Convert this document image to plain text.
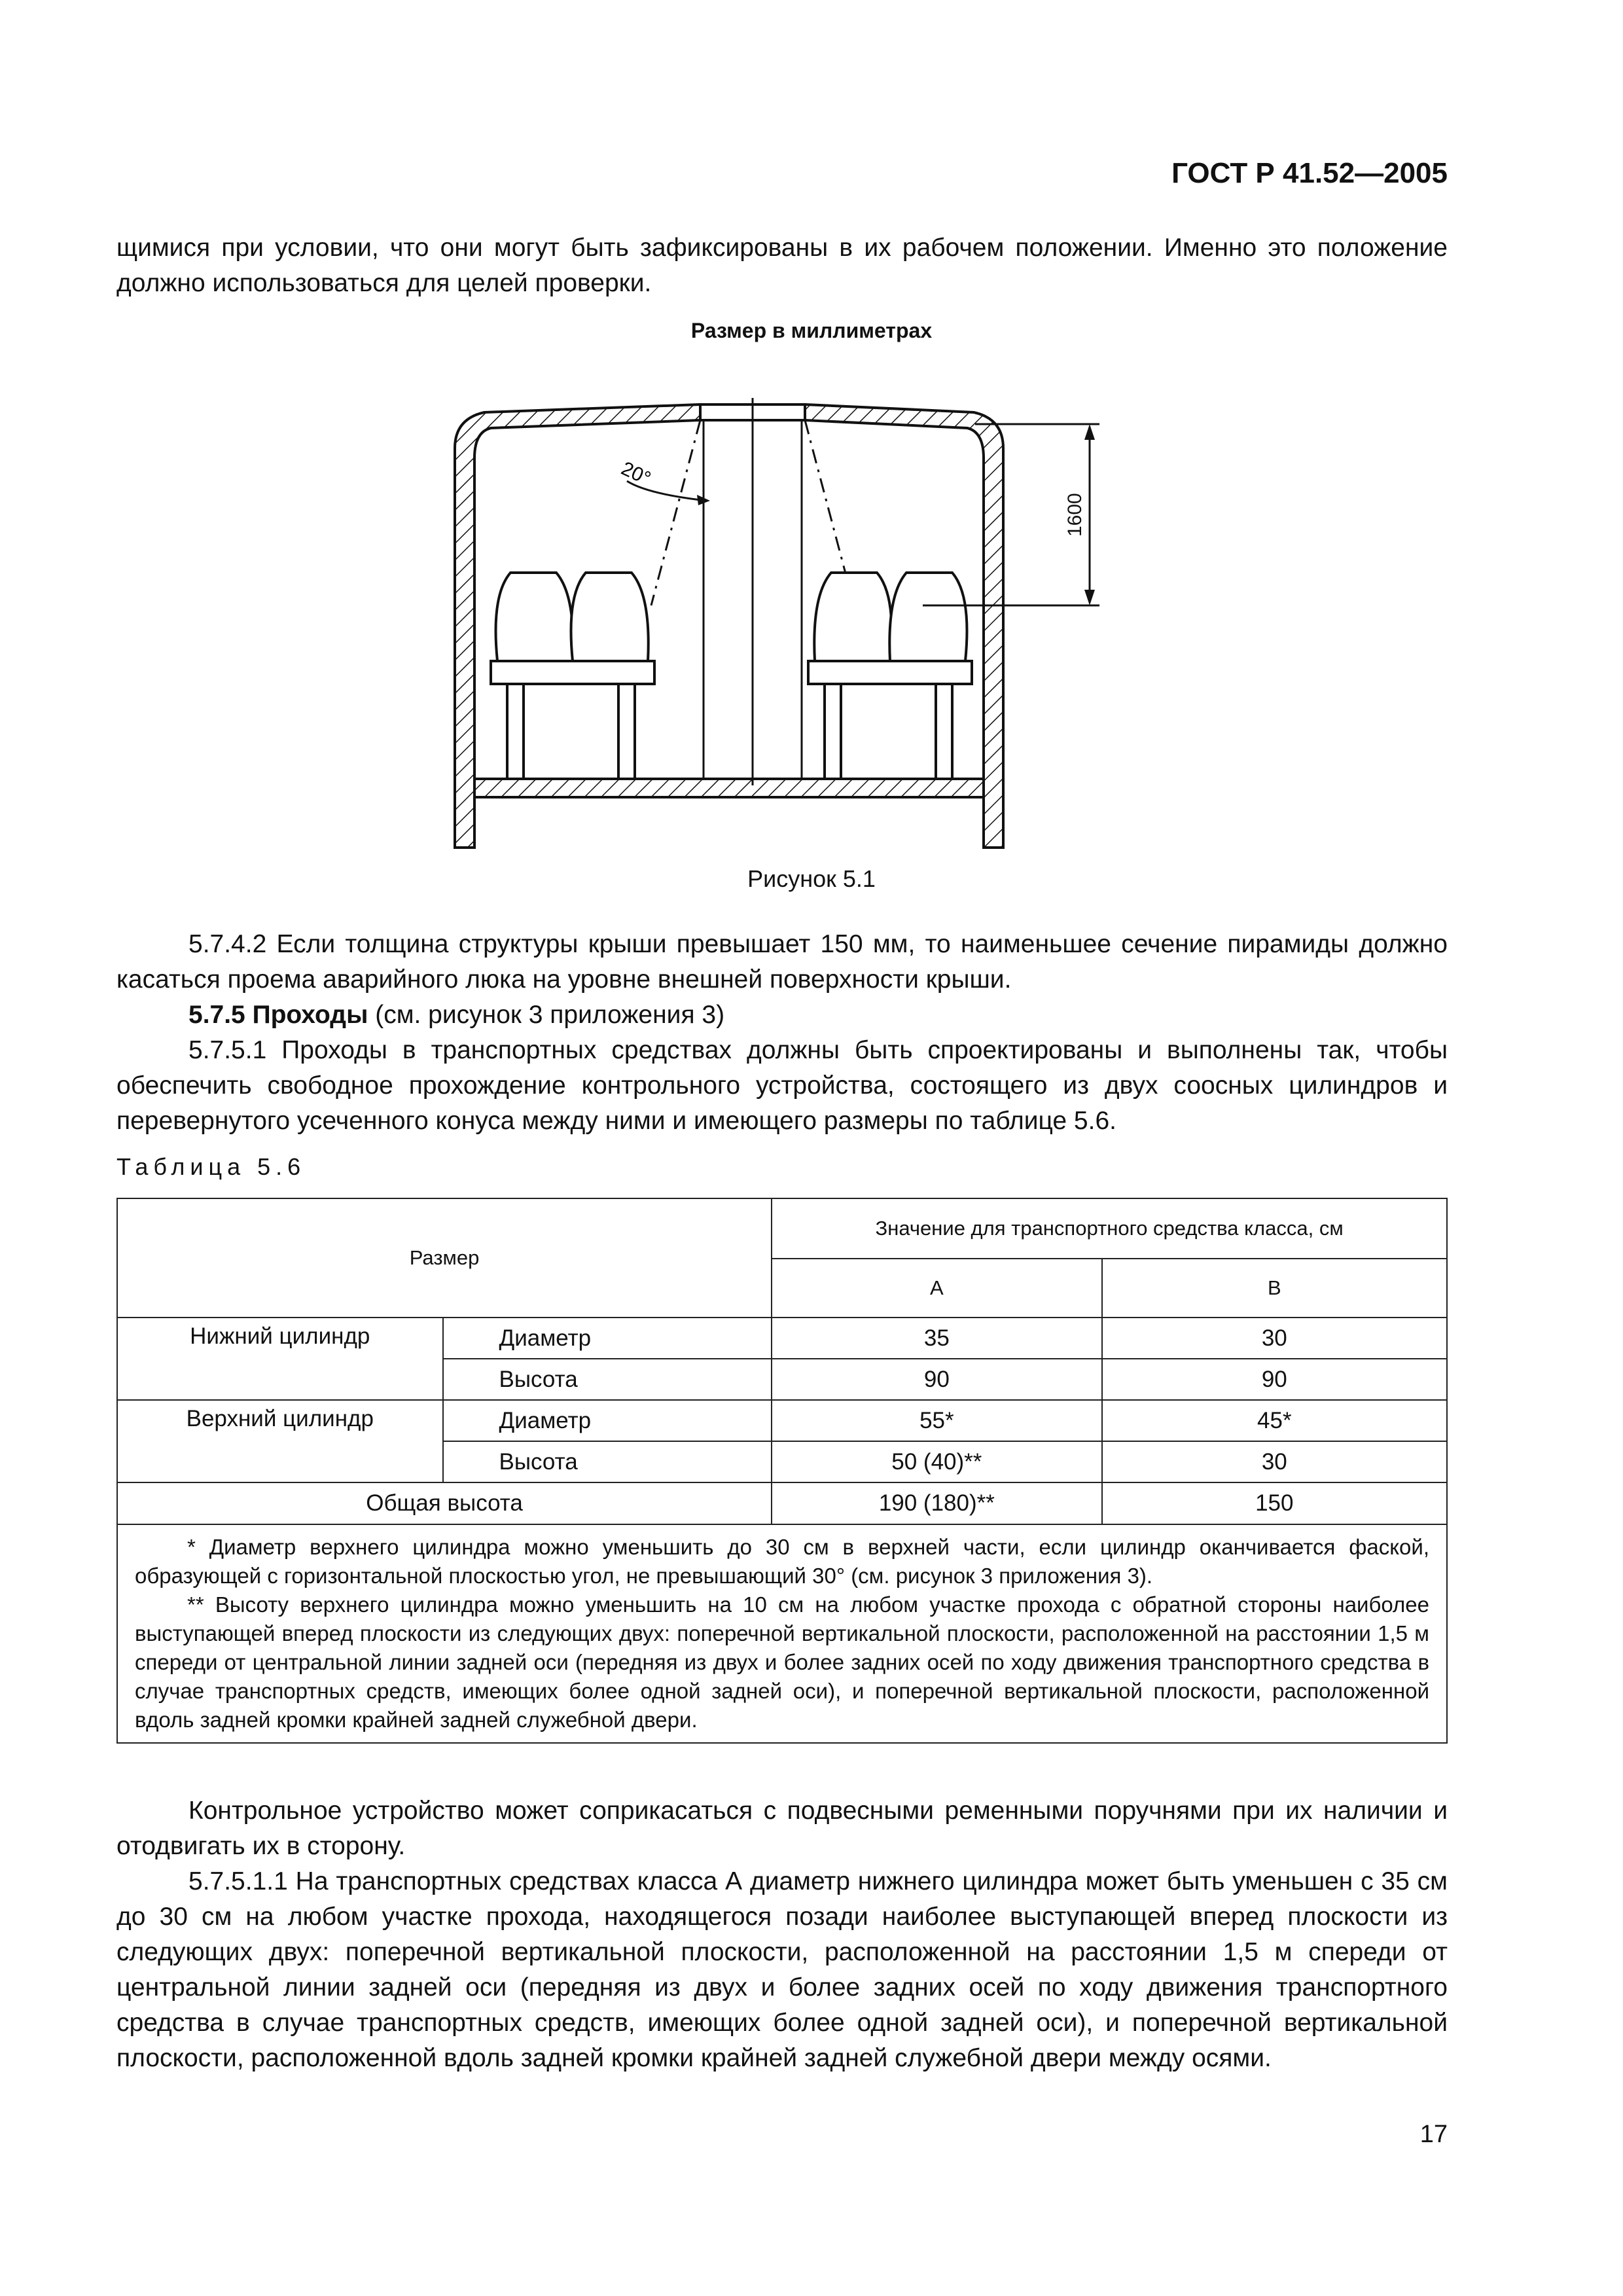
ГОСТ Р 41.52—2005

щимися при условии, что они могут быть зафиксированы в их рабочем положении. Именно это положение должно использоваться для целей проверки.

Размер в миллиметрах

20°
1600

Рисунок 5.1

5.7.4.2 Если толщина структуры крыши превышает 150 мм, то наименьшее сечение пирамиды должно касаться проема аварийного люка на уровне внешней поверхности крыши.

5.7.5 Проходы (см. рисунок 3 приложения 3)

5.7.5.1 Проходы в транспортных средствах должны быть спроектированы и выполнены так, чтобы обеспечить свободное прохождение контрольного устройства, состоящего из двух соосных цилиндров и перевернутого усеченного конуса между ними и имеющего размеры по таблице 5.6.

Таблица 5.6

Размер		Значение для транспортного средства класса, см	
		А	В
Нижний цилиндр	Диаметр	35	30
	Высота	90	90
Верхний цилиндр	Диаметр	55*	45*
	Высота	50 (40)**	30
Общая высота		190 (180)**	150

* Диаметр верхнего цилиндра можно уменьшить до 30 см в верхней части, если цилиндр оканчивается фаской, образующей с горизонтальной плоскостью угол, не превышающий 30° (см. рисунок 3 приложения 3).

** Высоту верхнего цилиндра можно уменьшить на 10 см на любом участке прохода с обратной стороны наиболее выступающей вперед плоскости из следующих двух: поперечной вертикальной плоскости, расположенной на расстоянии 1,5 м спереди от центральной линии задней оси (передняя из двух и более задних осей по ходу движения транспортного средства в случае транспортных средств, имеющих более одной задней оси), и поперечной вертикальной плоскости, расположенной вдоль задней кромки крайней задней служебной двери.			

Контрольное устройство может соприкасаться с подвесными ременными поручнями при их наличии и отодвигать их в сторону.

5.7.5.1.1 На транспортных средствах класса А диаметр нижнего цилиндра может быть уменьшен с 35 см до 30 см на любом участке прохода, находящегося позади наиболее выступающей вперед плоскости из следующих двух: поперечной вертикальной плоскости, расположенной на расстоянии 1,5 м спереди от центральной линии задней оси (передняя из двух и более задних осей по ходу движения транспортного средства в случае транспортных средств, имеющих более одной задней оси), и поперечной вертикальной плоскости, расположенной вдоль задней кромки крайней задней служебной двери между осями.

17
